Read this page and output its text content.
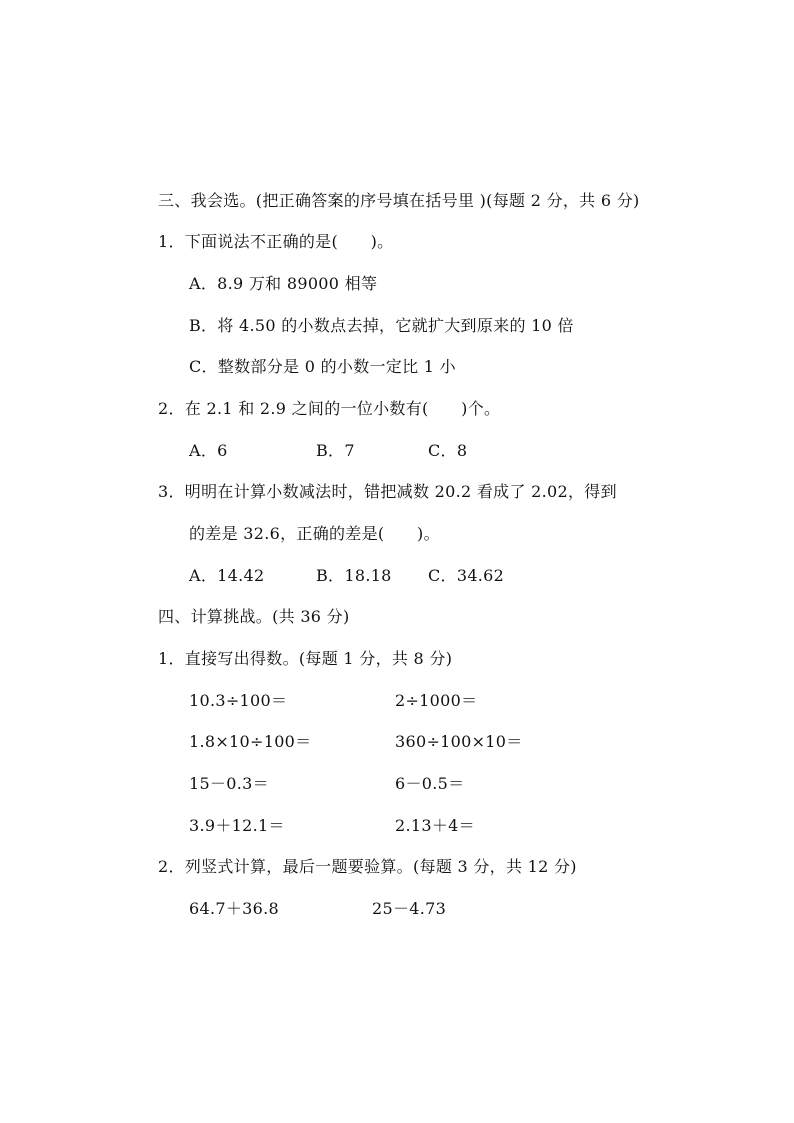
三、我会选。(把正确答案的序号填在括号里 )(每题 2 分，共 6 分)
1．下面说法不正确的是(　　)。
A．8.9 万和 89000 相等
B．将 4.50 的小数点去掉，它就扩大到原来的 10 倍
C．整数部分是 0 的小数一定比 1 小
2．在 2.1 和 2.9 之间的一位小数有(　　)个。
A．6	B．7	C．8
3．明明在计算小数减法时，错把减数 20.2 看成了 2.02，得到
的差是 32.6，正确的差是(　　)。
A．14.42	B．18.18 C．34.62
四、计算挑战。(共 36 分)
1．直接写出得数。(每题 1 分，共 8 分)
10.3÷100＝	2÷1000＝
1.8×10÷100＝	360÷100×10＝
15－0.3＝	6－0.5＝
3.9＋12.1＝	2.13＋4＝
2．列竖式计算，最后一题要验算。(每题 3 分，共 12 分)
64.7＋36.8	25－4.73
